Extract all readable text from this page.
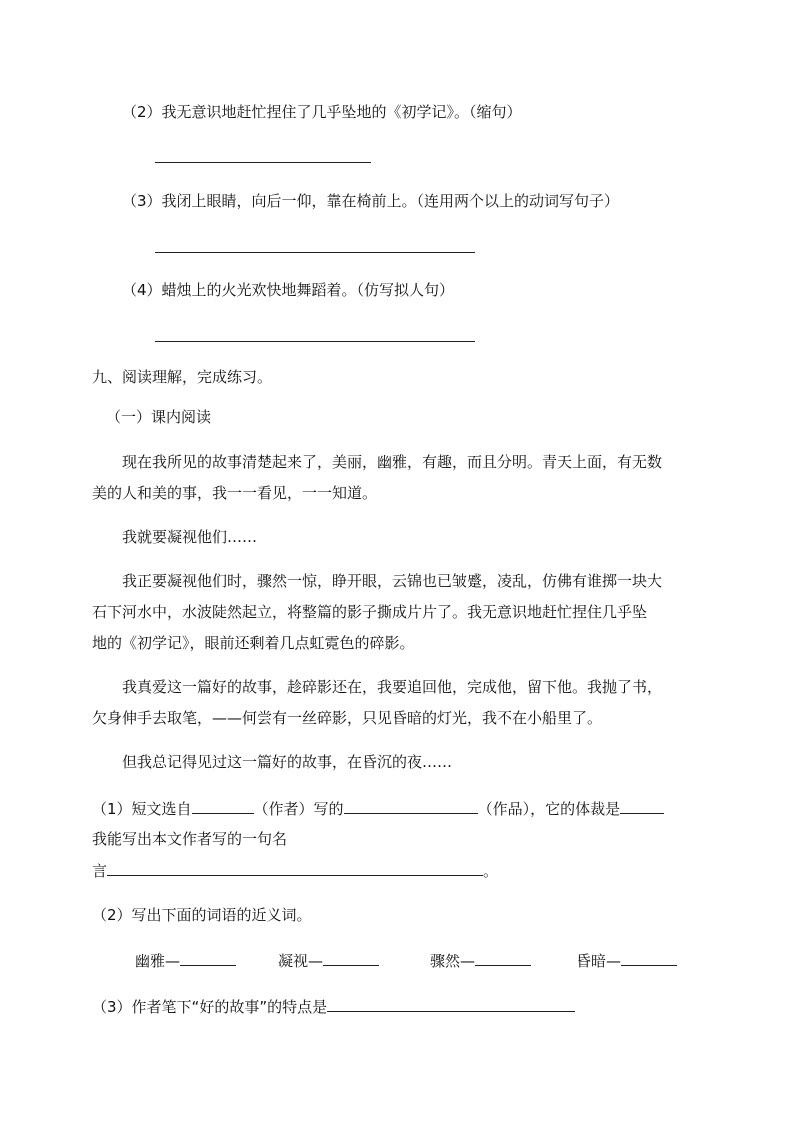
（2）我无意识地赶忙捏住了几乎坠地的《初学记》。（缩句）
（3）我闭上眼睛，向后一仰，靠在椅前上。（连用两个以上的动词写句子）
（4）蜡烛上的火光欢快地舞蹈着。（仿写拟人句）
九、阅读理解，完成练习。
（一）课内阅读
现在我所见的故事清楚起来了，美丽，幽雅，有趣，而且分明。青天上面，有无数
美的人和美的事，我一一看见，一一知道。
我就要凝视他们……
我正要凝视他们时，骤然一惊，睁开眼，云锦也已皱蹙，凌乱，仿佛有谁掷一块大
石下河水中，水波陡然起立，将整篇的影子撕成片片了。我无意识地赶忙捏住几乎坠
地的《初学记》，眼前还剩着几点虹霓色的碎影。
我真爱这一篇好的故事，趁碎影还在，我要追回他，完成他，留下他。我抛了书，
欠身伸手去取笔，——何尝有一丝碎影，只见昏暗的灯光，我不在小船里了。
但我总记得见过这一篇好的故事，在昏沉的夜……
（1）短文选自	（作者）写的	（作品），它的体裁是
我能写出本文作者写的一句名
言	。
（2）写出下面的词语的近义词。
幽雅—	凝视—	骤然—	昏暗—
（3）作者笔下“好的故事”的特点是
